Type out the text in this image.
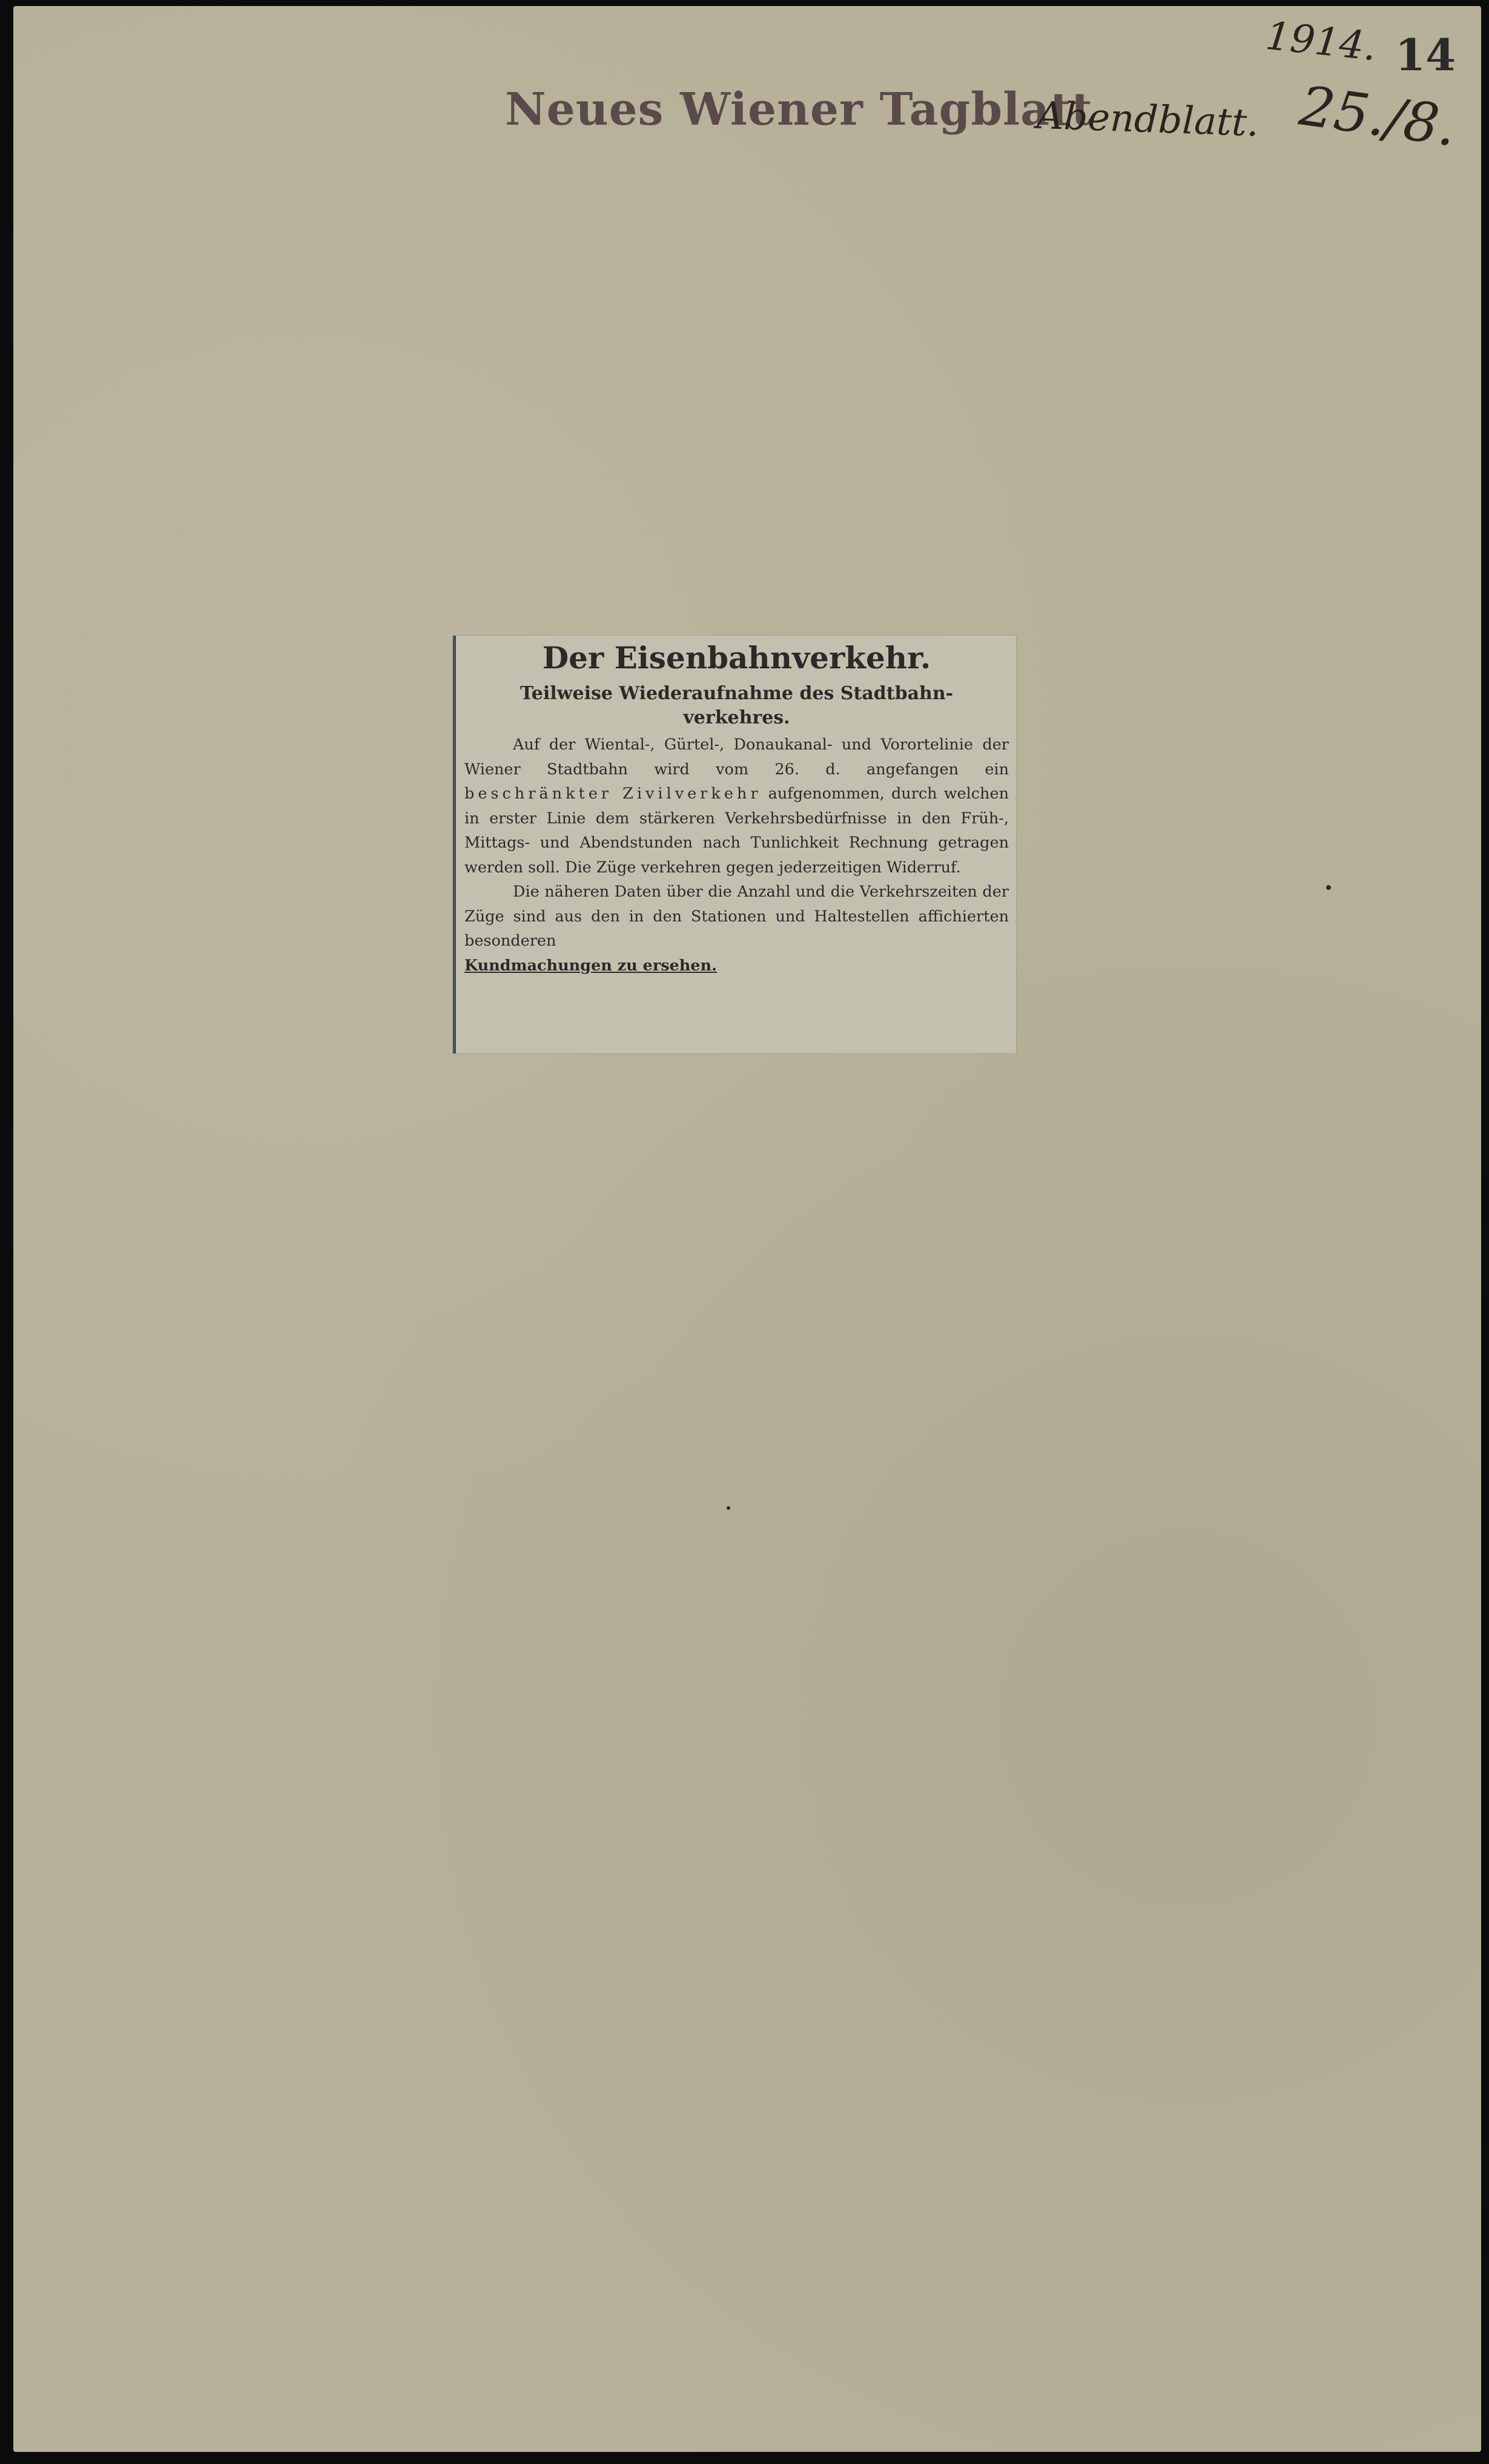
Neues Wiener Tagblatt
Abendblatt.
1914. 14
25./8.

Der Eisenbahnverkehr.

Teilweise Wiederaufnahme des Stadtbahn- verkehres.

Auf der Wiental-, Gürtel-, Donaukanal- und Vorortelinie der Wiener Stadtbahn wird vom 26. d. angefangen ein beschränkter Zivilverkehr aufgenommen, durch welchen in erster Linie dem stärkeren Verkehrsbedürfnisse in den Früh-, Mittags- und Abendstunden nach Tunlichkeit Rechnung getragen werden soll. Die Züge verkehren gegen jederzeitigen Widerruf.

Die näheren Daten über die Anzahl und die Verkehrszeiten der Züge sind aus den in den Stationen und Haltestellen affichierten besonderen

Kundmachungen zu ersehen.
